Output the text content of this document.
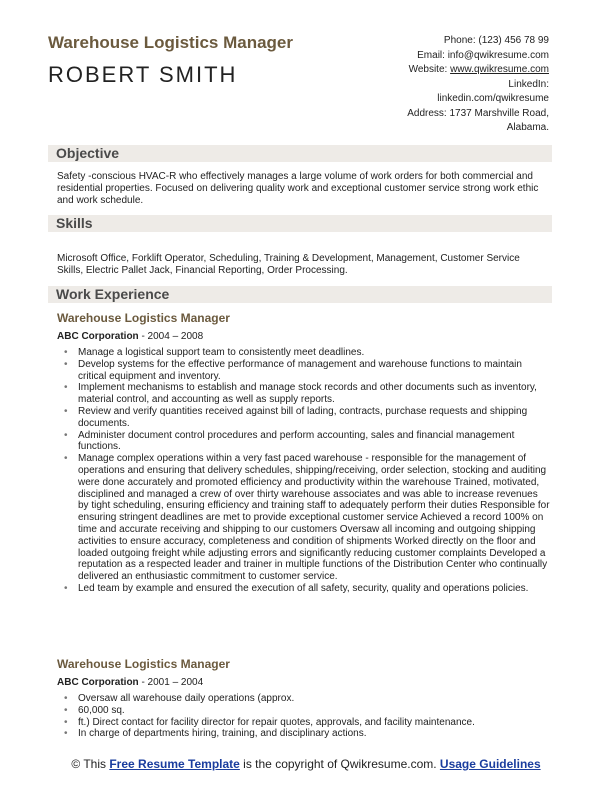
Warehouse Logistics Manager
ROBERT SMITH
Phone: (123) 456 78 99
Email: info@qwikresume.com
Website: www.qwikresume.com
LinkedIn:
linkedin.com/qwikresume
Address: 1737 Marshville Road,
Alabama.
Objective
Safety -conscious HVAC-R who effectively manages a large volume of work orders for both commercial and residential properties. Focused on delivering quality work and exceptional customer service strong work ethic and work schedule.
Skills
Microsoft Office, Forklift Operator, Scheduling, Training & Development, Management, Customer Service Skills, Electric Pallet Jack, Financial Reporting, Order Processing.
Work Experience
Warehouse Logistics Manager
ABC Corporation - 2004 – 2008
• Manage a logistical support team to consistently meet deadlines.
• Develop systems for the effective performance of management and warehouse functions to maintain critical equipment and inventory.
• Implement mechanisms to establish and manage stock records and other documents such as inventory, material control, and accounting as well as supply reports.
• Review and verify quantities received against bill of lading, contracts, purchase requests and shipping documents.
• Administer document control procedures and perform accounting, sales and financial management functions.
• Manage complex operations within a very fast paced warehouse - responsible for the management of operations and ensuring that delivery schedules, shipping/receiving, order selection, stocking and auditing were done accurately and promoted efficiency and productivity within the warehouse Trained, motivated, disciplined and managed a crew of over thirty warehouse associates and was able to increase revenues by tight scheduling, ensuring efficiency and training staff to adequately perform their duties Responsible for ensuring stringent deadlines are met to provide exceptional customer service Achieved a record 100% on time and accurate receiving and shipping to our customers Oversaw all incoming and outgoing shipping activities to ensure accuracy, completeness and condition of shipments Worked directly on the floor and loaded outgoing freight while adjusting errors and significantly reducing customer complaints Developed a reputation as a respected leader and trainer in multiple functions of the Distribution Center who continually delivered an enthusiastic commitment to customer service.
• Led team by example and ensured the execution of all safety, security, quality and operations policies.
Warehouse Logistics Manager
ABC Corporation - 2001 – 2004
• Oversaw all warehouse daily operations (approx.
• 60,000 sq.
• ft.) Direct contact for facility director for repair quotes, approvals, and facility maintenance.
• In charge of departments hiring, training, and disciplinary actions.
© This Free Resume Template is the copyright of Qwikresume.com. Usage Guidelines
